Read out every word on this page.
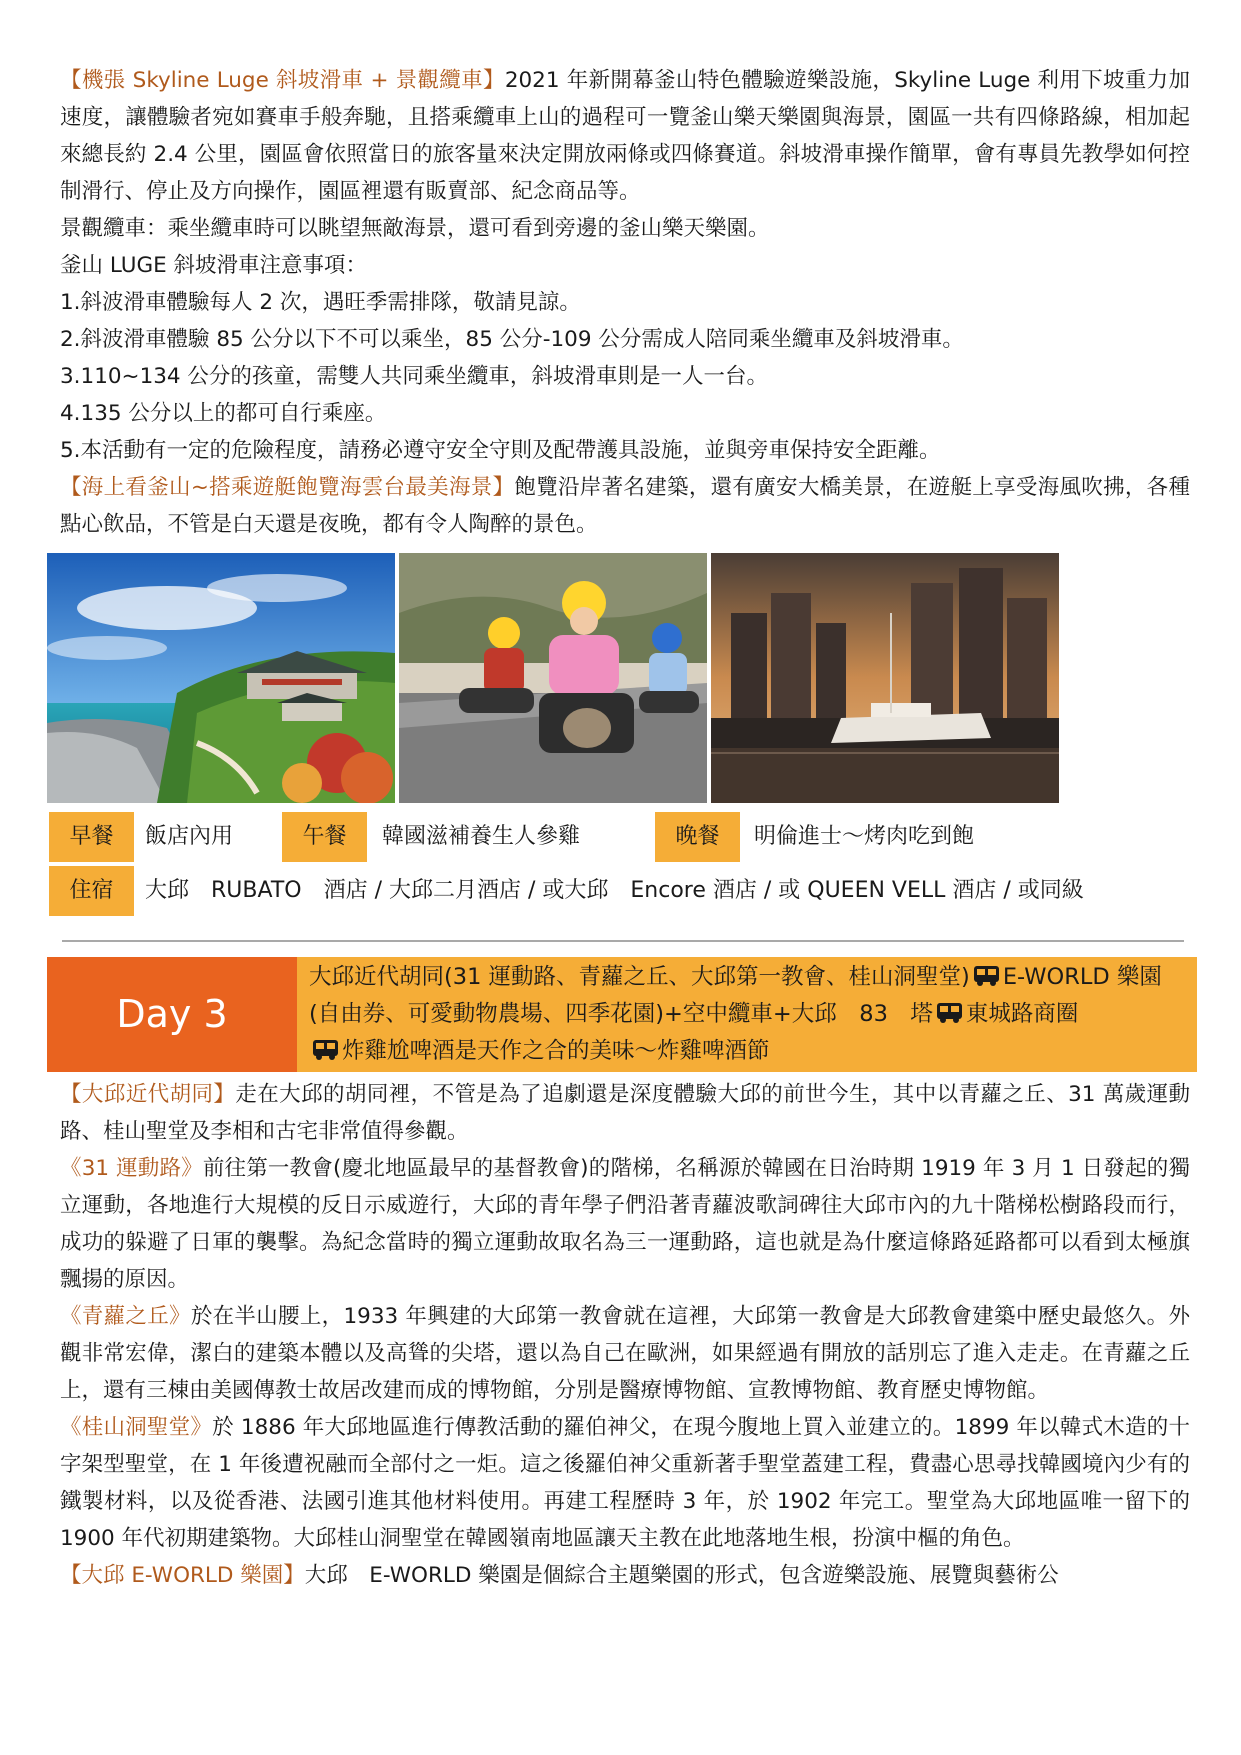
【機張 Skyline Luge 斜坡滑車 + 景觀纜車】2021 年新開幕釜山特色體驗遊樂設施，Skyline Luge 利用下坡重力加速度，讓體驗者宛如賽車手般奔馳，且搭乘纜車上山的過程可一覽釜山樂天樂園與海景，園區一共有四條路線，相加起來總長約 2.4 公里，園區會依照當日的旅客量來決定開放兩條或四條賽道。斜坡滑車操作簡單，會有專員先教學如何控制滑行、停止及方向操作，園區裡還有販賣部、紀念商品等。

景觀纜車：乘坐纜車時可以眺望無敵海景，還可看到旁邊的釜山樂天樂園。

釜山 LUGE 斜坡滑車注意事項：

1.斜波滑車體驗每人 2 次，遇旺季需排隊，敬請見諒。

2.斜波滑車體驗 85 公分以下不可以乘坐，85 公分-109 公分需成人陪同乘坐纜車及斜坡滑車。

3.110~134 公分的孩童，需雙人共同乘坐纜車，斜坡滑車則是一人一台。

4.135 公分以上的都可自行乘座。

5.本活動有一定的危險程度，請務必遵守安全守則及配帶護具設施，並與旁車保持安全距離。

【海上看釜山~搭乘遊艇飽覽海雲台最美海景】飽覽沿岸著名建築，還有廣安大橋美景，在遊艇上享受海風吹拂，各種點心飲品，不管是白天還是夜晚，都有令人陶醉的景色。

早餐	飯店內用	午餐	韓國滋補養生人參雞	晚餐	明倫進士～烤肉吃到飽
住宿	大邱　RUBATO　酒店 / 大邱二月酒店 / 或大邱　Encore 酒店 / 或 QUEEN VELL 酒店 / 或同級
Day 3
大邱近代胡同(31 運動路、青蘿之丘、大邱第一教會、桂山洞聖堂) E-WORLD 樂園(自由券、可愛動物農場、四季花園)+空中纜車+大邱　83　塔 東城路商圈
炸雞尬啤酒是天作之合的美味～炸雞啤酒節

【大邱近代胡同】走在大邱的胡同裡，不管是為了追劇還是深度體驗大邱的前世今生，其中以青蘿之丘、31 萬歲運動路、桂山聖堂及李相和古宅非常值得參觀。

《31 運動路》前往第一教會(慶北地區最早的基督教會)的階梯，名稱源於韓國在日治時期 1919 年 3 月 1 日發起的獨立運動，各地進行大規模的反日示威遊行，大邱的青年學子們沿著青蘿波歌詞碑往大邱市內的九十階梯松樹路段而行，成功的躲避了日軍的襲擊。為紀念當時的獨立運動故取名為三一運動路，這也就是為什麼這條路延路都可以看到太極旗飄揚的原因。

《青蘿之丘》於在半山腰上，1933 年興建的大邱第一教會就在這裡，大邱第一教會是大邱教會建築中歷史最悠久。外觀非常宏偉，潔白的建築本體以及高聳的尖塔，還以為自己在歐洲，如果經過有開放的話別忘了進入走走。在青蘿之丘上，還有三棟由美國傳教士故居改建而成的博物館，分別是醫療博物館、宣教博物館、教育歷史博物館。

《桂山洞聖堂》於 1886 年大邱地區進行傳教活動的羅伯神父，在現今腹地上買入並建立的。1899 年以韓式木造的十字架型聖堂，在 1 年後遭祝融而全部付之一炬。這之後羅伯神父重新著手聖堂蓋建工程，費盡心思尋找韓國境內少有的鐵製材料，以及從香港、法國引進其他材料使用。再建工程歷時 3 年，於 1902 年完工。聖堂為大邱地區唯一留下的 1900 年代初期建築物。大邱桂山洞聖堂在韓國嶺南地區讓天主教在此地落地生根，扮演中樞的角色。

【大邱 E-WORLD 樂園】大邱　E-WORLD 樂園是個綜合主題樂園的形式，包含遊樂設施、展覽與藝術公
